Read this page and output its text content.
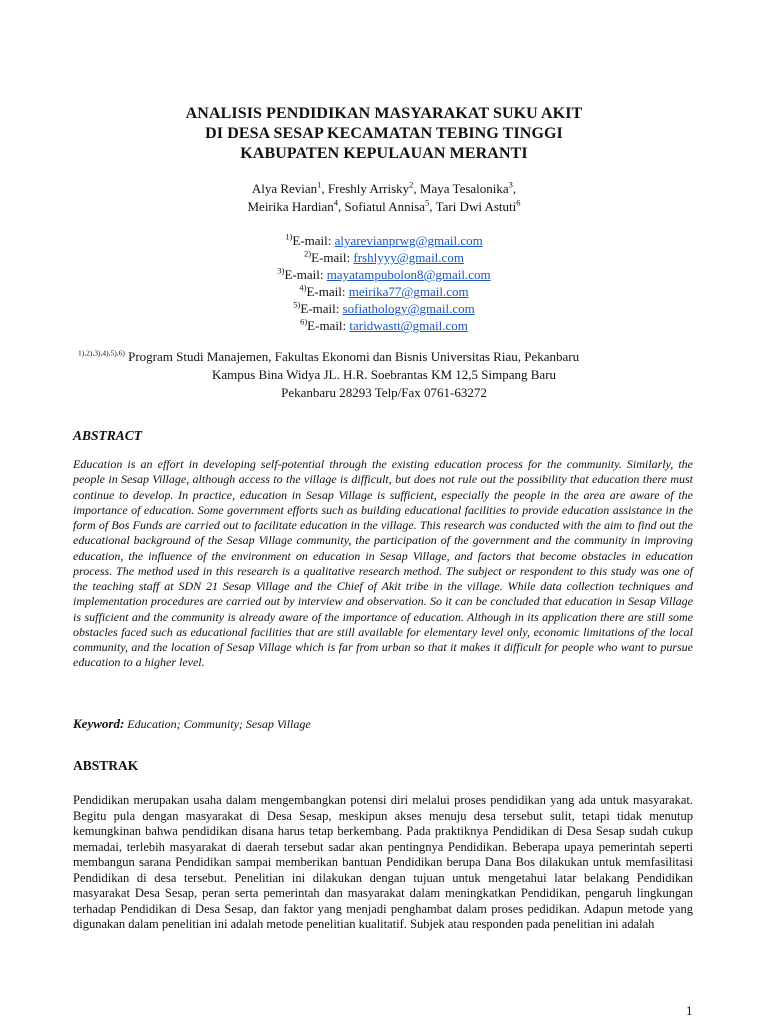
ANALISIS PENDIDIKAN MASYARAKAT SUKU AKIT
DI DESA SESAP KECAMATAN TEBING TINGGI
KABUPATEN KEPULAUAN MERANTI
Alya Revian$^1$, Freshly Arrisky$^2$, Maya Tesalonika$^3$,
Meirika Hardian$^4$, Sofiatul Annisa$^5$, Tari Dwi Astuti$^6$
$^{1)}$E-mail: alyarevianprwg@gmail.com
$^{2)}$E-mail: frshlyyy@gmail.com
$^{3)}$E-mail: mayatampubolon8@gmail.com
$^{4)}$E-mail: meirika77@gmail.com
$^{5)}$E-mail: sofiathology@gmail.com
$^{6)}$E-mail: taridwastt@gmail.com
$^{1),2),3),4),5),6)}$ Program Studi Manajemen, Fakultas Ekonomi dan Bisnis Universitas Riau, Pekanbaru
Kampus Bina Widya JL. H.R. Soebrantas KM 12,5 Simpang Baru
Pekanbaru 28293 Telp/Fax 0761-63272
ABSTRACT
Education is an effort in developing self-potential through the existing education process for the community. Similarly, the people in Sesap Village, although access to the village is difficult, but does not rule out the possibility that education there must continue to develop. In practice, education in Sesap Village is sufficient, especially the people in the area are aware of the importance of education. Some government efforts such as building educational facilities to provide education assistance in the form of Bos Funds are carried out to facilitate education in the village. This research was conducted with the aim to find out the educational background of the Sesap Village community, the participation of the government and the community in improving education, the influence of the environment on education in Sesap Village, and factors that become obstacles in education process. The method used in this research is a qualitative research method. The subject or respondent to this study was one of the teaching staff at SDN 21 Sesap Village and the Chief of Akit tribe in the village. While data collection techniques and implementation procedures are carried out by interview and observation. So it can be concluded that education in Sesap Village is sufficient and the community is already aware of the importance of education. Although in its application there are still some obstacles faced such as educational facilities that are still available for elementary level only, economic limitations of the local community, and the location of Sesap Village which is far from urban so that it makes it difficult for people who want to pursue education to a higher level.
Keyword: Education; Community; Sesap Village
ABSTRAK
Pendidikan merupakan usaha dalam mengembangkan potensi diri melalui proses pendidikan yang ada untuk masyarakat. Begitu pula dengan masyarakat di Desa Sesap, meskipun akses menuju desa tersebut sulit, tetapi tidak menutup kemungkinan bahwa pendidikan disana harus tetap berkembang. Pada praktiknya Pendidikan di Desa Sesap sudah cukup memadai, terlebih masyarakat di daerah tersebut sadar akan pentingnya Pendidikan. Beberapa upaya pemerintah seperti membangun sarana Pendidikan sampai memberikan bantuan Pendidikan berupa Dana Bos dilakukan untuk memfasilitasi Pendidikan di desa tersebut. Penelitian ini dilakukan dengan tujuan untuk mengetahui latar belakang Pendidikan masyarakat Desa Sesap, peran serta pemerintah dan masyarakat dalam meningkatkan Pendidikan, pengaruh lingkungan terhadap Pendidikan di Desa Sesap, dan faktor yang menjadi penghambat dalam proses pedidikan. Adapun metode yang digunakan dalam penelitian ini adalah metode penelitian kualitatif. Subjek atau responden pada penelitian ini adalah
1
